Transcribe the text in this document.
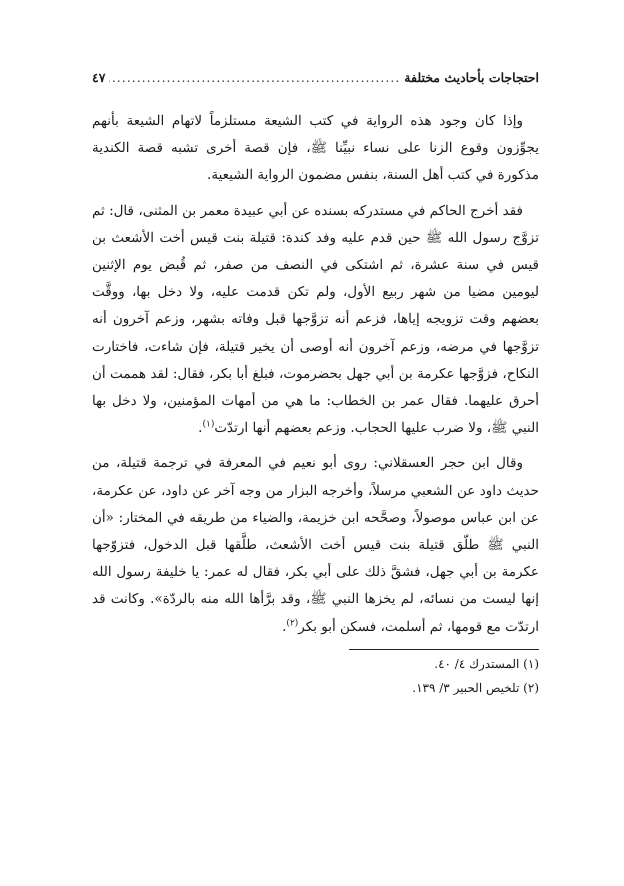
احتجاجات بأحاديث مختلفة
.....
٤٧

وإذا كان وجود هذه الرواية في كتب الشيعة مستلزماً لاتهام الشيعة بأنهم يجوِّزون وقوع الزنا على نساء نبيِّنا ﷺ، فإن قصة أخرى تشبه قصة الكندية مذكورة في كتب أهل السنة، بنفس مضمون الرواية الشيعية.

فقد أخرج الحاكم في مستدركه بسنده عن أبي عبيدة معمر بن المثنى، قال: ثم تزوَّج رسول الله ﷺ حين قدم عليه وفد كندة: قتيلة بنت قيس أخت الأشعث بن قيس في سنة عشرة، ثم اشتكى في النصف من صفر، ثم قُبض يوم الإثنين ليومين مضيا من شهر ربيع الأول، ولم تكن قدمت عليه، ولا دخل بها، ووقَّت بعضهم وقت تزويجه إياها، فزعم أنه تزوَّجها قبل وفاته بشهر، وزعم آخرون أنه تزوَّجها في مرضه، وزعم آخرون أنه أوصى أن يخير قتيلة، فإن شاءت، فاختارت النكاح، فزوَّجها عكرمة بن أبي جهل بحضرموت، فبلغ أبا بكر، فقال: لقد هممت أن أحرق عليهما. فقال عمر بن الخطاب: ما هي من أمهات المؤمنين، ولا دخل بها النبي ﷺ، ولا ضرب عليها الحجاب. وزعم بعضهم أنها ارتدّت$^{(١)}$.

وقال ابن حجر العسقلاني: روى أبو نعيم في المعرفة في ترجمة قتيلة، من حديث داود عن الشعبي مرسلاً، وأخرجه البزار من وجه آخر عن داود، عن عكرمة، عن ابن عباس موصولاً، وصحَّحه ابن خزيمة، والضياء من طريقه في المختار: «أن النبي ﷺ طلّق قتيلة بنت قيس أخت الأشعث، طلَّقها قبل الدخول، فتزوّجها عكرمة بن أبي جهل، فشقَّ ذلك على أبي بكر، فقال له عمر: يا خليفة رسول الله إنها ليست من نسائه، لم يخزها النبي ﷺ، وقد برَّأها الله منه بالردّة». وكانت قد ارتدّت مع قومها، ثم أسلمت، فسكن أبو بكر$^{(٢)}$.

(١) المستدرك ٤/ ٤٠.
(٢) تلخيص الحبير ٣/ ١٣٩.
